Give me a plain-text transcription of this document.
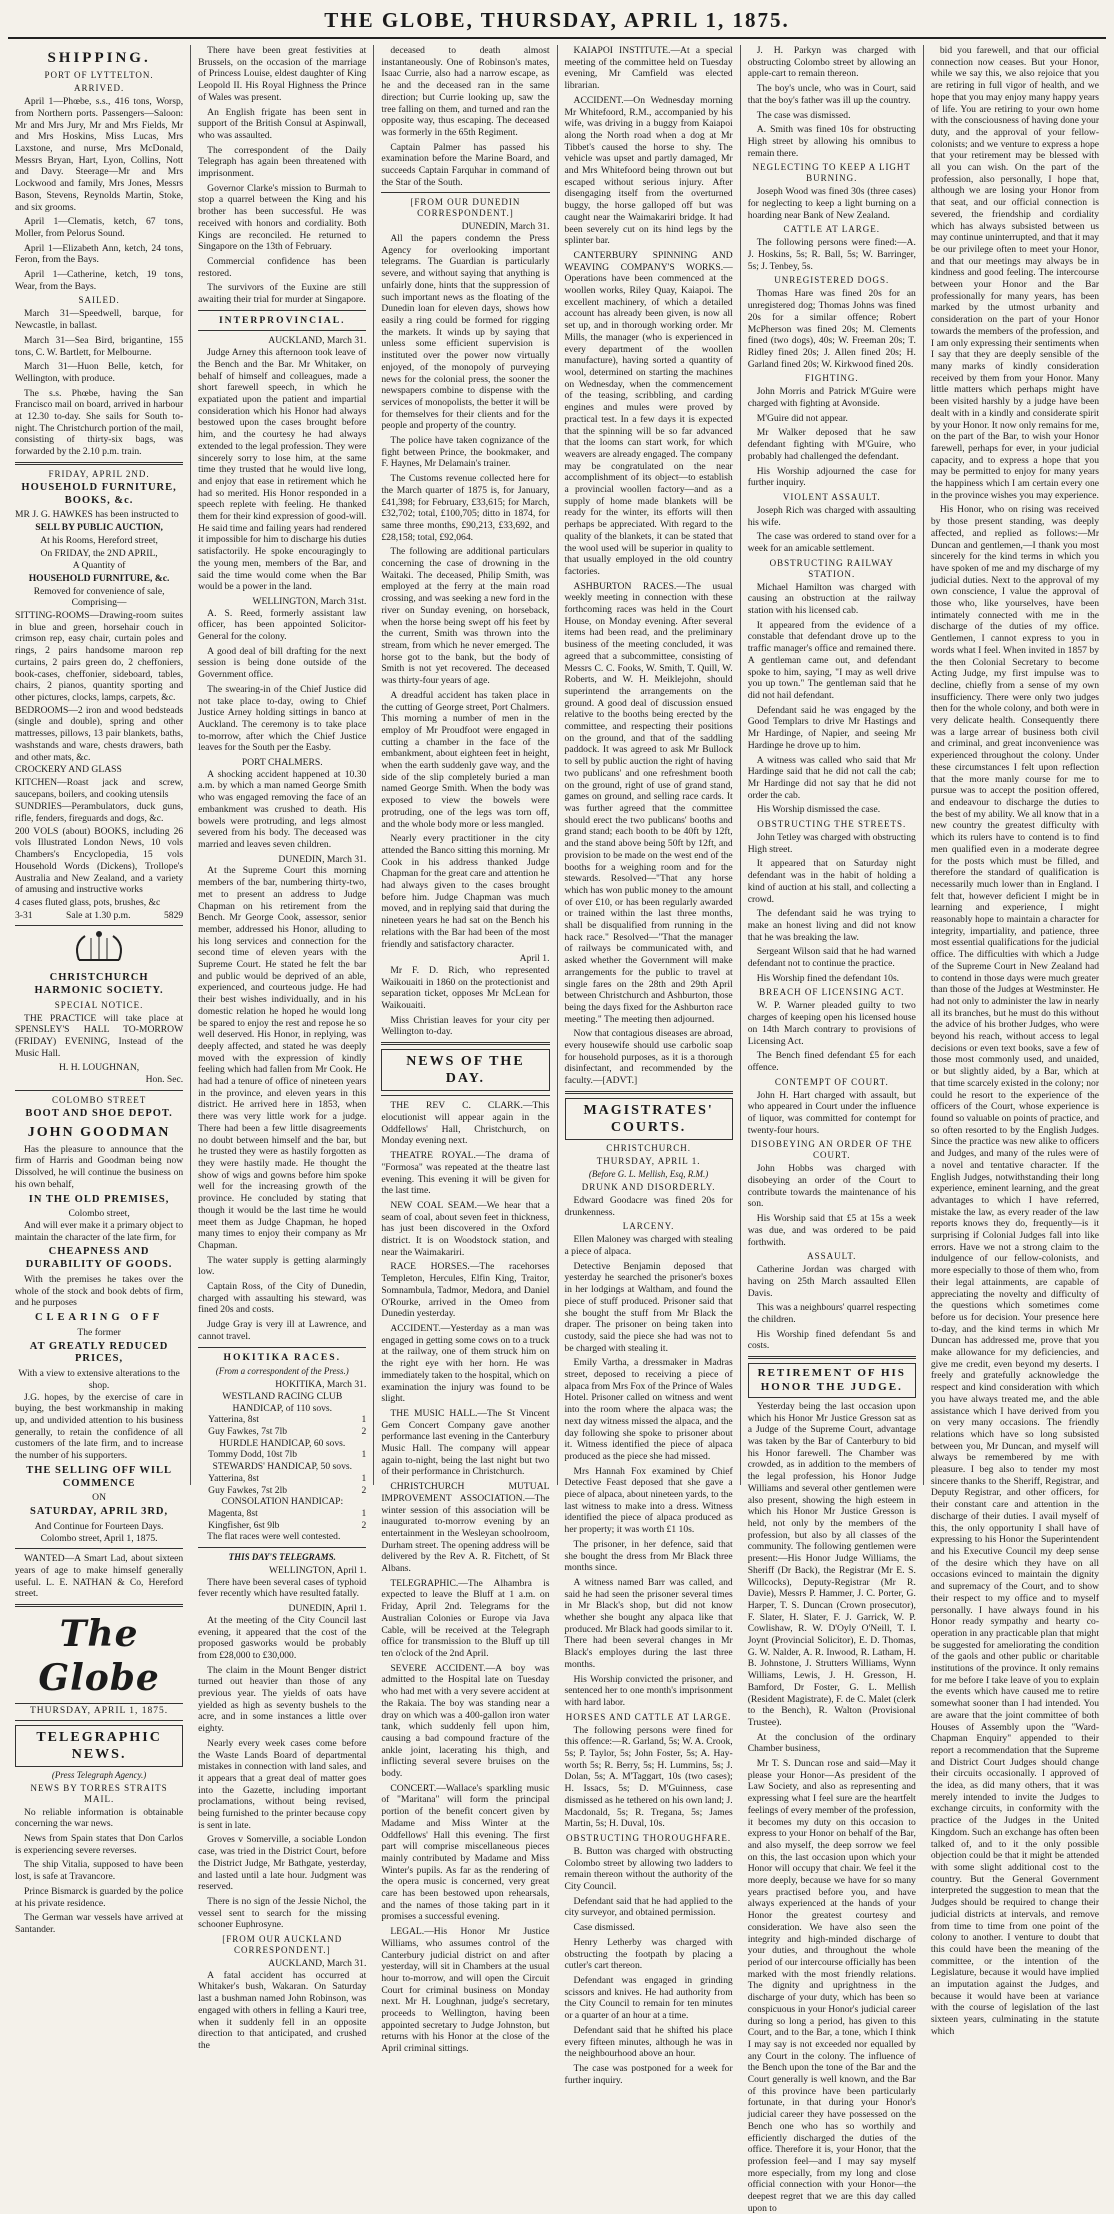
THE GLOBE, THURSDAY, APRIL 1, 1875.
SHIPPING.
PORT OF LYTTELTON.
ARRIVED.

April 1—Phœbe, s.s., 416 tons, Worsp, from Northern ports. Passengers—Saloon: Mr and Mrs Jury, Mr and Mrs Fields, Mr and Mrs Hoskins, Miss Lucas, Mrs Laxstone, and nurse, Mrs McDonald, Messrs Bryan, Hart, Lyon, Collins, Nott and Davy. Steerage—Mr and Mrs Lockwood and family, Mrs Jones, Messrs Bason, Stevens, Reynolds Martin, Stoke, and six grooms.

April 1—Clematis, ketch, 67 tons, Moller, from Pelorus Sound.

April 1—Elizabeth Ann, ketch, 24 tons, Feron, from the Bays.

April 1—Catherine, ketch, 19 tons, Wear, from the Bays.

SAILED.

March 31—Speedwell, barque, for Newcastle, in ballast.

March 31—Sea Bird, brigantine, 155 tons, C. W. Bartlett, for Melbourne.

March 31—Huon Belle, ketch, for Wellington, with produce.

The s.s. Phœbe, having the San Francisco mail on board, arrived in harbour at 12.30 to-day. She sails for South to-night. The Christchurch portion of the mail, consisting of thirty-six bags, was forwarded by the 2.10 p.m. train.

FRIDAY, APRIL 2ND.
HOUSEHOLD FURNITURE, BOOKS, &c.
MR J. G. HAWKES has been instructed to
SELL BY PUBLIC AUCTION,
At his Rooms, Hereford street,
On FRIDAY, the 2ND APRIL,
A Quantity of
HOUSEHOLD FURNITURE, &c.
Removed for convenience of sale, Comprising—
SITTING-ROOMS—Drawing-room suites in blue and green, horsehair couch in crimson rep, easy chair, curtain poles and rings, 2 pairs handsome maroon rep curtains, 2 pairs green do, 2 cheffoniers, book-cases, cheffonier, sideboard, tables, chairs, 2 pianos, quantity sporting and other pictures, clocks, lamps, carpets, &c.
BEDROOMS—2 iron and wood bedsteads (single and double), spring and other mattresses, pillows, 13 pair blankets, baths, washstands and ware, chests drawers, bath and other mats, &c.
CROCKERY AND GLASS
KITCHEN—Roast jack and screw, saucepans, boilers, and cooking utensils
SUNDRIES—Perambulators, duck guns, rifle, fenders, fireguards and dogs, &c.
200 VOLS (about) BOOKS, including 26 vols Illustrated London News, 10 vols Chambers's Encyclopedia, 15 vols Household Words (Dickens), Trollope's Australia and New Zealand, and a variety of amusing and instructive works
4 cases fluted glass, pots, brushes, &c
3-31	Sale at 1.30 p.m.	5829
CHRISTCHURCH HARMONIC SOCIETY.
SPECIAL NOTICE.

THE PRACTICE will take place at SPENSLEY'S HALL TO-MORROW (FRIDAY) EVENING, Instead of the Music Hall.

H. H. LOUGHNAN,
Hon. Sec.
COLOMBO STREET
BOOT AND SHOE DEPOT.
JOHN GOODMAN

Has the pleasure to announce that the firm of Harris and Goodman being now Dissolved, he will continue the business on his own behalf,

IN THE OLD PREMISES,
Colombo street,

And will ever make it a primary object to maintain the character of the late firm, for

CHEAPNESS AND DURABILITY OF GOODS.

With the premises he takes over the whole of the stock and book debts of firm, and he purposes

CLEARING OFF
The former
AT GREATLY REDUCED PRICES,
With a view to extensive alterations to the shop.

J.G. hopes, by the exercise of care in buying, the best workmanship in making up, and undivided attention to his business generally, to retain the confidence of all customers of the late firm, and to increase the number of his supporters.

THE SELLING OFF WILL COMMENCE
ON
SATURDAY, APRIL 3RD,
And Continue for Fourteen Days.
Colombo street, April 1, 1875.

WANTED—A Smart Lad, about sixteen years of age to make himself generally useful. L. E. NATHAN & Co, Hereford street.

The Globe
THURSDAY, APRIL 1, 1875.
TELEGRAPHIC NEWS.
(Press Telegraph Agency.)
NEWS BY TORRES STRAITS MAIL.

No reliable information is obtainable concerning the war news.

News from Spain states that Don Carlos is experiencing severe reverses.

The ship Vitalia, supposed to have been lost, is safe at Travancore.

Prince Bismarck is guarded by the police at his private residence.

The German war vessels have arrived at Santander.

There have been great festivities at Brussels, on the occasion of the marriage of Princess Louise, eldest daughter of King Leopold II. His Royal Highness the Prince of Wales was present.

An English frigate has been sent in support of the British Consul at Aspinwall, who was assaulted.

The correspondent of the Daily Telegraph has again been threatened with imprisonment.

Governor Clarke's mission to Burmah to stop a quarrel between the King and his brother has been successful. He was received with honors and cordiality. Both Kings are reconciled. He returned to Singapore on the 13th of February.

Commercial confidence has been restored.

The survivors of the Euxine are still awaiting their trial for murder at Singapore.

INTERPROVINCIAL.
AUCKLAND, March 31.

Judge Arney this afternoon took leave of the Bench and the Bar. Mr Whitaker, on behalf of himself and colleagues, made a short farewell speech, in which he expatiated upon the patient and impartial consideration which his Honor had always bestowed upon the cases brought before him, and the courtesy he had always extended to the legal profession. They were sincerely sorry to lose him, at the same time they trusted that he would live long, and enjoy that ease in retirement which he had so merited. His Honor responded in a speech replete with feeling. He thanked them for their kind expression of good-will. He said time and failing years had rendered it impossible for him to discharge his duties satisfactorily. He spoke encouragingly to the young men, members of the Bar, and said the time would come when the Bar would be a power in the land.

WELLINGTON, March 31st.

A. S. Reed, formerly assistant law officer, has been appointed Solicitor-General for the colony.

A good deal of bill drafting for the next session is being done outside of the Government office.

The swearing-in of the Chief Justice did not take place to-day, owing to Chief Justice Arney holding sittings in banco at Auckland. The ceremony is to take place to-morrow, after which the Chief Justice leaves for the South per the Easby.

PORT CHALMERS.

A shocking accident happened at 10.30 a.m. by which a man named George Smith who was engaged removing the face of an embankment was crushed to death. His bowels were protruding, and legs almost severed from his body. The deceased was married and leaves seven children.

DUNEDIN, March 31.

At the Supreme Court this morning members of the bar, numbering thirty-two, met to present an address to Judge Chapman on his retirement from the Bench. Mr George Cook, assessor, senior member, addressed his Honor, alluding to his long services and connection for the second time of eleven years with the Supreme Court. He stated he felt the bar and public would be deprived of an able, experienced, and courteous judge. He had their best wishes individually, and in his domestic relation he hoped he would long be spared to enjoy the rest and repose he so well deserved. His Honor, in replying, was deeply affected, and stated he was deeply moved with the expression of kindly feeling which had fallen from Mr Cook. He had had a tenure of office of nineteen years in the province, and eleven years in this district. He arrived here in 1853, when there was very little work for a judge. There had been a few little disagreements no doubt between himself and the bar, but he trusted they were as hastily forgotten as they were hastily made. He thought the show of wigs and gowns before him spoke well for the increasing growth of the province. He concluded by stating that though it would be the last time he would meet them as Judge Chapman, he hoped many times to enjoy their company as Mr Chapman.

The water supply is getting alarmingly low.

Captain Ross, of the City of Dunedin, charged with assaulting his steward, was fined 20s and costs.

Judge Gray is very ill at Lawrence, and cannot travel.

HOKITIKA RACES.
(From a correspondent of the Press.)
HOKITIKA, March 31.
WESTLAND RACING CLUB HANDICAP, of 110 sovs.
Yatterina, 8st	1
Guy Fawkes, 7st 7lb	2
HURDLE HANDICAP, 60 sovs.
Tommy Dodd, 10st 7lb	1
STEWARDS' HANDICAP, 50 sovs.
Yatterina, 8st	1
Guy Fawkes, 7st 2lb	2
CONSOLATION HANDICAP:
Magenta, 8st	1
Kingfisher, 6st 9lb	2

The flat races were well contested.

THIS DAY'S TELEGRAMS.
WELLINGTON, April 1.

There have been several cases of typhoid fever recently which have resulted fatally.

DUNEDIN, April 1.

At the meeting of the City Council last evening, it appeared that the cost of the proposed gasworks would be probably from £28,000 to £30,000.

The claim in the Mount Benger district turned out heavier than those of any previous year. The yields of oats have yielded as high as seventy bushels to the acre, and in some instances a little over eighty.

Nearly every week cases come before the Waste Lands Board of departmental mistakes in connection with land sales, and it appears that a great deal of matter goes into the Gazette, including important proclamations, without being revised, being furnished to the printer because copy is sent in late.

Groves v Somerville, a sociable London case, was tried in the District Court, before the District Judge, Mr Bathgate, yesterday, and lasted until a late hour. Judgment was reserved.

There is no sign of the Jessie Nichol, the vessel sent to search for the missing schooner Euphrosyne.

[FROM OUR AUCKLAND CORRESPONDENT.]
AUCKLAND, March 31.

A fatal accident has occurred at Whitaker's bush, Wakaran. On Saturday last a bushman named John Robinson, was engaged with others in felling a Kauri tree, when it suddenly fell in an opposite direction to that anticipated, and crushed the

deceased to death almost instantaneously. One of Robinson's mates, Isaac Currie, also had a narrow escape, as he and the deceased ran in the same direction; but Currie looking up, saw the tree falling on them, and turned and ran the opposite way, thus escaping. The deceased was formerly in the 65th Regiment.

Captain Palmer has passed his examination before the Marine Board, and succeeds Captain Farquhar in command of the Star of the South.

[FROM OUR DUNEDIN CORRESPONDENT.]
DUNEDIN, March 31.

All the papers condemn the Press Agency for overlooking important telegrams. The Guardian is particularly severe, and without saying that anything is unfairly done, hints that the suppression of such important news as the floating of the Dunedin loan for eleven days, shows how easily a ring could be formed for rigging the markets. It winds up by saying that unless some efficient supervision is instituted over the power now virtually enjoyed, of the monopoly of purveying news for the colonial press, the sooner the newspapers combine to dispense with the services of monopolists, the better it will be for themselves for their clients and for the people and property of the country.

The police have taken cognizance of the fight between Prince, the bookmaker, and F. Haynes, Mr Delamain's trainer.

The Customs revenue collected here for the March quarter of 1875 is, for January, £41,398; for February, £33,615; for March, £32,702; total, £100,705; ditto in 1874, for same three months, £90,213, £33,692, and £28,158; total, £92,064.

The following are additional particulars concerning the case of drowning in the Waitaki. The deceased, Philip Smith, was employed at the ferry at the main road crossing, and was seeking a new ford in the river on Sunday evening, on horseback, when the horse being swept off his feet by the current, Smith was thrown into the stream, from which he never emerged. The horse got to the bank, but the body of Smith is not yet recovered. The deceased was thirty-four years of age.

A dreadful accident has taken place in the cutting of George street, Port Chalmers. This morning a number of men in the employ of Mr Proudfoot were engaged in cutting a chamber in the face of the embankment, about eighteen feet in height, when the earth suddenly gave way, and the side of the slip completely buried a man named George Smith. When the body was exposed to view the bowels were protruding, one of the legs was torn off, and the whole body more or less mangled.

Nearly every practitioner in the city attended the Banco sitting this morning. Mr Cook in his address thanked Judge Chapman for the great care and attention he had always given to the cases brought before him. Judge Chapman was much moved, and in replying said that during the nineteen years he had sat on the Bench his relations with the Bar had been of the most friendly and satisfactory character.

April 1.

Mr F. D. Rich, who represented Waikouaiti in 1860 on the protectionist and separation ticket, opposes Mr McLean for Waikouaiti.

Miss Christian leaves for your city per Wellington to-day.

NEWS OF THE DAY.

THE REV C. CLARK.—This elocutionist will appear again in the Oddfellows' Hall, Christchurch, on Monday evening next.

THEATRE ROYAL.—The drama of "Formosa" was repeated at the theatre last evening. This evening it will be given for the last time.

NEW COAL SEAM.—We hear that a seam of coal, about seven feet in thickness, has just been discovered in the Oxford district. It is on Woodstock station, and near the Waimakariri.

RACE HORSES.—The racehorses Templeton, Hercules, Elfin King, Traitor, Somnambula, Tadmor, Medora, and Daniel O'Rourke, arrived in the Omeo from Dunedin yesterday.

ACCIDENT.—Yesterday as a man was engaged in getting some cows on to a truck at the railway, one of them struck him on the right eye with her horn. He was immediately taken to the hospital, which on examination the injury was found to be slight.

THE MUSIC HALL.—The St Vincent Gem Concert Company gave another performance last evening in the Canterbury Music Hall. The company will appear again to-night, being the last night but two of their performance in Christchurch.

CHRISTCHURCH MUTUAL IMPROVEMENT ASSOCIATION.—The winter session of this association will be inaugurated to-morrow evening by an entertainment in the Wesleyan schoolroom, Durham street. The opening address will be delivered by the Rev A. R. Fitchett, of St Albans.

TELEGRAPHIC.—The Alhambra is expected to leave the Bluff at 1 a.m. on Friday, April 2nd. Telegrams for the Australian Colonies or Europe via Java Cable, will be received at the Telegraph office for transmission to the Bluff up till ten o'clock of the 2nd April.

SEVERE ACCIDENT.—A boy was admitted to the Hospital late on Tuesday who had met with a very severe accident at the Rakaia. The boy was standing near a dray on which was a 400-gallon iron water tank, which suddenly fell upon him, causing a bad compound fracture of the ankle joint, lacerating his thigh, and inflicting several severe bruises on the body.

CONCERT.—Wallace's sparkling music of "Maritana" will form the principal portion of the benefit concert given by Madame and Miss Winter at the Oddfellows' Hall this evening. The first part will comprise miscellaneous pieces mainly contributed by Madame and Miss Winter's pupils. As far as the rendering of the opera music is concerned, very great care has been bestowed upon rehearsals, and the names of those taking part in it promises a successful evening.

LEGAL.—His Honor Mr Justice Williams, who assumes control of the Canterbury judicial district on and after yesterday, will sit in Chambers at the usual hour to-morrow, and will open the Circuit Court for criminal business on Monday next. Mr H. Loughnan, judge's secretary, proceeds to Wellington, having been appointed secretary to Judge Johnston, but returns with his Honor at the close of the April criminal sittings.

KAIAPOI INSTITUTE.—At a special meeting of the committee held on Tuesday evening, Mr Camfield was elected librarian.

ACCIDENT.—On Wednesday morning Mr Whitefoord, R.M., accompanied by his wife, was driving in a buggy from Kaiapoi along the North road when a dog at Mr Tibbet's caused the horse to shy. The vehicle was upset and partly damaged, Mr and Mrs Whitefoord being thrown out but escaped without serious injury. After disengaging itself from the overturned buggy, the horse galloped off but was caught near the Waimakariri bridge. It had been severely cut on its hind legs by the splinter bar.

CANTERBURY SPINNING AND WEAVING COMPANY'S WORKS.—Operations have been commenced at the woollen works, Riley Quay, Kaiapoi. The excellent machinery, of which a detailed account has already been given, is now all set up, and in thorough working order. Mr Mills, the manager (who is experienced in every department of the woollen manufacture), having sorted a quantity of wool, determined on starting the machines on Wednesday, when the commencement of the teasing, scribbling, and carding engines and mules were proved by practical test. In a few days it is expected that the spinning will be so far advanced that the looms can start work, for which weavers are already engaged. The company may be congratulated on the near accomplishment of its object—to establish a provincial woollen factory—and as a supply of home made blankets will be ready for the winter, its efforts will then perhaps be appreciated. With regard to the quality of the blankets, it can be stated that the wool used will be superior in quality to that usually employed in the old country factories.

ASHBURTON RACES.—The usual weekly meeting in connection with these forthcoming races was held in the Court House, on Monday evening. After several items had been read, and the preliminary business of the meeting concluded, it was agreed that a subcommittee, consisting of Messrs C. C. Fooks, W. Smith, T. Quill, W. Roberts, and W. H. Meiklejohn, should superintend the arrangements on the ground. A good deal of discussion ensued relative to the booths being erected by the committee, and respecting their positions on the ground, and that of the saddling paddock. It was agreed to ask Mr Bullock to sell by public auction the right of having two publicans' and one refreshment booth on the ground, right of use of grand stand, games on ground, and selling race cards. It was further agreed that the committee should erect the two publicans' booths and grand stand; each booth to be 40ft by 12ft, and the stand above being 50ft by 12ft, and provision to be made on the west end of the booths for a weighing room and for the stewards. Resolved—"That any horse which has won public money to the amount of over £10, or has been regularly awarded or trained within the last three months, shall be disqualified from running in the hack race." Resolved—"That the manager of railways be communicated with, and asked whether the Government will make arrangements for the public to travel at single fares on the 28th and 29th April between Christchurch and Ashburton, those being the days fixed for the Ashburton race meeting." The meeting then adjourned.

Now that contagious diseases are abroad, every housewife should use carbolic soap for household purposes, as it is a thorough disinfectant, and recommended by the faculty.—[ADVT.]

MAGISTRATES' COURTS.
CHRISTCHURCH.
THURSDAY, APRIL 1.
(Before G. L. Mellish, Esq, R.M.)
DRUNK AND DISORDERLY.

Edward Goodacre was fined 20s for drunkenness.

LARCENY.

Ellen Maloney was charged with stealing a piece of alpaca.

Detective Benjamin deposed that yesterday he searched the prisoner's boxes in her lodgings at Waltham, and found the piece of stuff produced. Prisoner said that she bought the stuff from Mr Black the draper. The prisoner on being taken into custody, said the piece she had was not to be charged with stealing it.

Emily Vartha, a dressmaker in Madras street, deposed to receiving a piece of alpaca from Mrs Fox of the Prince of Wales Hotel. Prisoner called on witness and went into the room where the alpaca was; the next day witness missed the alpaca, and the day following she spoke to prisoner about it. Witness identified the piece of alpaca produced as the piece she had missed.

Mrs Hannah Fox examined by Chief Detective Feast deposed that she gave a piece of alpaca, about nineteen yards, to the last witness to make into a dress. Witness identified the piece of alpaca produced as her property; it was worth £1 10s.

The prisoner, in her defence, said that she bought the dress from Mr Black three months since.

A witness named Barr was called, and said he had seen the prisoner several times in Mr Black's shop, but did not know whether she bought any alpaca like that produced. Mr Black had goods similar to it. There had been several changes in Mr Black's employes during the last three months.

His Worship convicted the prisoner, and sentenced her to one month's imprisonment with hard labor.

HORSES AND CATTLE AT LARGE.

The following persons were fined for this offence:—R. Garland, 5s; W. A. Crook, 5s; P. Taylor, 5s; John Foster, 5s; A. Hay-worth 5s; R. Berry, 5s; H. Lummins, 5s; J. Dolan, 5s; A. M'Taggart, 10s (two cases); H. Issacs, 5s; D. M'Guinness, case dismissed as he tethered on his own land; J. Macdonald, 5s; R. Tregana, 5s; James Martin, 5s; H. Duval, 10s.

OBSTRUCTING THOROUGHFARE.

B. Button was charged with obstructing Colombo street by allowing two ladders to remain thereon without the authority of the City Council.

Defendant said that he had applied to the city surveyor, and obtained permission.

Case dismissed.

Henry Letherby was charged with obstructing the footpath by placing a cutler's cart thereon.

Defendant was engaged in grinding scissors and knives. He had authority from the City Council to remain for ten minutes or a quarter of an hour at a time.

Defendant said that he shifted his place every fifteen minutes, although he was in the neighbourhood above an hour.

The case was postponed for a week for further inquiry.

J. H. Parkyn was charged with obstructing Colombo street by allowing an apple-cart to remain thereon.

The boy's uncle, who was in Court, said that the boy's father was ill up the country.

The case was dismissed.

A. Smith was fined 10s for obstructing High street by allowing his omnibus to remain there.

NEGLECTING TO KEEP A LIGHT BURNING.

Joseph Wood was fined 30s (three cases) for neglecting to keep a light burning on a hoarding near Bank of New Zealand.

CATTLE AT LARGE.

The following persons were fined:—A. J. Hoskins, 5s; R. Ball, 5s; W. Barringer, 5s; J. Tenbey, 5s.

UNREGISTERED DOGS.

Thomas Hare was fined 20s for an unregistered dog; Thomas Johns was fined 20s for a similar offence; Robert McPherson was fined 20s; M. Clements fined (two dogs), 40s; W. Freeman 20s; T. Ridley fined 20s; J. Allen fined 20s; H. Garland fined 20s; W. Kirkwood fined 20s.

FIGHTING.

John Morris and Patrick M'Guire were charged with fighting at Avonside.

M'Guire did not appear.

Mr Walker deposed that he saw defendant fighting with M'Guire, who probably had challenged the defendant.

His Worship adjourned the case for further inquiry.

VIOLENT ASSAULT.

Joseph Rich was charged with assaulting his wife.

The case was ordered to stand over for a week for an amicable settlement.

OBSTRUCTING RAILWAY STATION.

Michael Hamilton was charged with causing an obstruction at the railway station with his licensed cab.

It appeared from the evidence of a constable that defendant drove up to the traffic manager's office and remained there. A gentleman came out, and defendant spoke to him, saying, "I may as well drive you up town." The gentleman said that he did not hail defendant.

Defendant said he was engaged by the Good Templars to drive Mr Hastings and Mr Hardinge, of Napier, and seeing Mr Hardinge he drove up to him.

A witness was called who said that Mr Hardinge said that he did not call the cab; Mr Hardinge did not say that he did not order the cab.

His Worship dismissed the case.

OBSTRUCTING THE STREETS.

John Tetley was charged with obstructing High street.

It appeared that on Saturday night defendant was in the habit of holding a kind of auction at his stall, and collecting a crowd.

The defendant said he was trying to make an honest living and did not know that he was breaking the law.

Sergeant Wilson said that he had warned defendant not to continue the practice.

His Worship fined the defendant 10s.

BREACH OF LICENSING ACT.

W. P. Warner pleaded guilty to two charges of keeping open his licensed house on 14th March contrary to provisions of Licensing Act.

The Bench fined defendant £5 for each offence.

CONTEMPT OF COURT.

John H. Hart charged with assault, but who appeared in Court under the influence of liquor, was committed for contempt for twenty-four hours.

DISOBEYING AN ORDER OF THE COURT.

John Hobbs was charged with disobeying an order of the Court to contribute towards the maintenance of his son.

His Worship said that £5 at 15s a week was due, and was ordered to be paid forthwith.

ASSAULT.

Catherine Jordan was charged with having on 25th March assaulted Ellen Davis.

This was a neighbours' quarrel respecting the children.

His Worship fined defendant 5s and costs.

RETIREMENT OF HIS HONOR THE JUDGE.

Yesterday being the last occasion upon which his Honor Mr Justice Gresson sat as a Judge of the Supreme Court, advantage was taken by the Bar of Canterbury to bid his Honor farewell. The Chamber was crowded, as in addition to the members of the legal profession, his Honor Judge Williams and several other gentlemen were also present, showing the high esteem in which his Honor Mr Justice Gresson is held, not only by the members of the profession, but also by all classes of the community. The following gentlemen were present:—His Honor Judge Williams, the Sheriff (Dr Back), the Registrar (Mr E. S. Willcocks), Deputy-Registrar (Mr R. Davie), Messrs P. Hammer, J. C. Porter, G. Harper, T. S. Duncan (Crown prosecutor), F. Slater, H. Slater, F. J. Garrick, W. P. Cowlishaw, R. W. D'Oyly O'Neill, T. I. Joynt (Provincial Solicitor), E. D. Thomas, G. W. Nalder, A. R. Inwood, R. Latham, H. B. Johnstone, J. Strutters Williams, Wynn Williams, Lewis, J. H. Gresson, H. Bamford, Dr Foster, G. L. Mellish (Resident Magistrate), F. de C. Malet (clerk to the Bench), R. Walton (Provisional Trustee).

At the conclusion of the ordinary Chamber business,

Mr T. S. Duncan rose and said—May it please your Honor—As president of the Law Society, and also as representing and expressing what I feel sure are the heartfelt feelings of every member of the profession, it becomes my duty on this occasion to express to your Honor on behalf of the Bar, and also myself, the deep sorrow we feel on this, the last occasion upon which your Honor will occupy that chair. We feel it the more deeply, because we have for so many years practised before you, and have always experienced at the hands of your Honor the greatest courtesy and consideration. We have also seen the integrity and high-minded discharge of your duties, and throughout the whole period of our intercourse officially has been marked with the most friendly relations. The dignity and uprightness in the discharge of your duty, which has been so conspicuous in your Honor's judicial career during so long a period, has given to this Court, and to the Bar, a tone, which I think I may say is not exceeded nor equalled by any Court in the colony. The influence of the Bench upon the tone of the Bar and the Court generally is well known, and the Bar of this province have been particularly fortunate, in that during your Honor's judicial career they have possessed on the Bench one who has so worthily and efficiently discharged the duties of the office. Therefore it is, your Honor, that the profession feel—and I may say myself more especially, from my long and close official connection with your Honor—the deepest regret that we are this day called upon to

bid you farewell, and that our official connection now ceases. But your Honor, while we say this, we also rejoice that you are retiring in full vigor of health, and we hope that you may enjoy many happy years of life. You are retiring to your own home with the consciousness of having done your duty, and the approval of your fellow-colonists; and we venture to express a hope that your retirement may be blessed with all you can wish. On the part of the profession, also personally, I hope that, although we are losing your Honor from that seat, and our official connection is severed, the friendship and cordiality which has always subsisted between us may continue uninterrupted, and that it may be our privilege often to meet your Honor, and that our meetings may always be in kindness and good feeling. The intercourse between your Honor and the Bar professionally for many years, has been marked by the utmost urbanity and consideration on the part of your Honor towards the members of the profession, and I am only expressing their sentiments when I say that they are deeply sensible of the many marks of kindly consideration received by them from your Honor. Many little matters which perhaps might have been visited harshly by a judge have been dealt with in a kindly and considerate spirit by your Honor. It now only remains for me, on the part of the Bar, to wish your Honor farewell, perhaps for ever, in your judicial capacity, and to express a hope that you may be permitted to enjoy for many years the happiness which I am certain every one in the province wishes you may experience.

His Honor, who on rising was received by those present standing, was deeply affected, and replied as follows:—Mr Duncan and gentlemen,—I thank you most sincerely for the kind terms in which you have spoken of me and my discharge of my judicial duties. Next to the approval of my own conscience, I value the approval of those who, like yourselves, have been intimately connected with me in the discharge of the duties of my office. Gentlemen, I cannot express to you in words what I feel. When invited in 1857 by the then Colonial Secretary to become Acting Judge, my first impulse was to decline, chiefly from a sense of my own insufficiency. There were only two judges then for the whole colony, and both were in very delicate health. Consequently there was a large arrear of business both civil and criminal, and great inconvenience was experienced throughout the colony. Under these circumstances I felt upon reflection that the more manly course for me to pursue was to accept the position offered, and endeavour to discharge the duties to the best of my ability. We all know that in a new country the greatest difficulty with which its rulers have to contend is to find men qualified even in a moderate degree for the posts which must be filled, and therefore the standard of qualification is necessarily much lower than in England. I felt that, however deficient I might be in learning and experience, I might reasonably hope to maintain a character for integrity, impartiality, and patience, three most essential qualifications for the judicial office. The difficulties with which a Judge of the Supreme Court in New Zealand had to contend in those days were much greater than those of the Judges at Westminster. He had not only to administer the law in nearly all its branches, but he must do this without the advice of his brother Judges, who were beyond his reach, without access to legal decisions or even text books, save a few of those most commonly used, and unaided, or but slightly aided, by a Bar, which at that time scarcely existed in the colony; nor could he resort to the experience of the officers of the Court, whose experience is found so valuable on points of practice, and so often resorted to by the English Judges. Since the practice was new alike to officers and Judges, and many of the rules were of a novel and tentative character. If the English Judges, notwithstanding their long experience, eminent learning, and the great advantages to which I have referred, mistake the law, as every reader of the law reports knows they do, frequently—is it surprising if Colonial Judges fall into like errors. Have we not a strong claim to the indulgence of our fellow-colonists, and more especially to those of them who, from their legal attainments, are capable of appreciating the novelty and difficulty of the questions which sometimes come before us for decision. Your presence here to-day, and the kind terms in which Mr Duncan has addressed me, prove that you make allowance for my deficiencies, and give me credit, even beyond my deserts. I freely and gratefully acknowledge the respect and kind consideration with which you have always treated me, and the able assistance which I have derived from you on very many occasions. The friendly relations which have so long subsisted between you, Mr Duncan, and myself will always be remembered by me with pleasure. I beg also to tender my most sincere thanks to the Sheriff, Registrar, and Deputy Registrar, and other officers, for their constant care and attention in the discharge of their duties. I avail myself of this, the only opportunity I shall have of expressing to his Honor the Superintendent and his Executive Council my deep sense of the desire which they have on all occasions evinced to maintain the dignity and supremacy of the Court, and to show their respect to my office and to myself personally. I have always found in his Honor ready sympathy and hearty co-operation in any practicable plan that might be suggested for ameliorating the condition of the gaols and other public or charitable institutions of the province. It only remains for me before I take leave of you to explain the events which have caused me to retire somewhat sooner than I had intended. You are aware that the joint committee of both Houses of Assembly upon the "Ward-Chapman Enquiry" appended to their report a recommendation that the Supreme and District Court Judges should change their circuits occasionally. I approved of the idea, as did many others, that it was merely intended to invite the Judges to exchange circuits, in conformity with the practice of the Judges in the United Kingdom. Such an exchange has often been talked of, and to it the only possible objection could be that it might be attended with some slight additional cost to the country. But the General Government interpreted the suggestion to mean that the Judges should be required to change their judicial districts at intervals, and remove from time to time from one point of the colony to another. I venture to doubt that this could have been the meaning of the committee, or the intention of the Legislature, because it would have implied an imputation against the Judges, and because it would have been at variance with the course of legislation of the last sixteen years, culminating in the statute which
